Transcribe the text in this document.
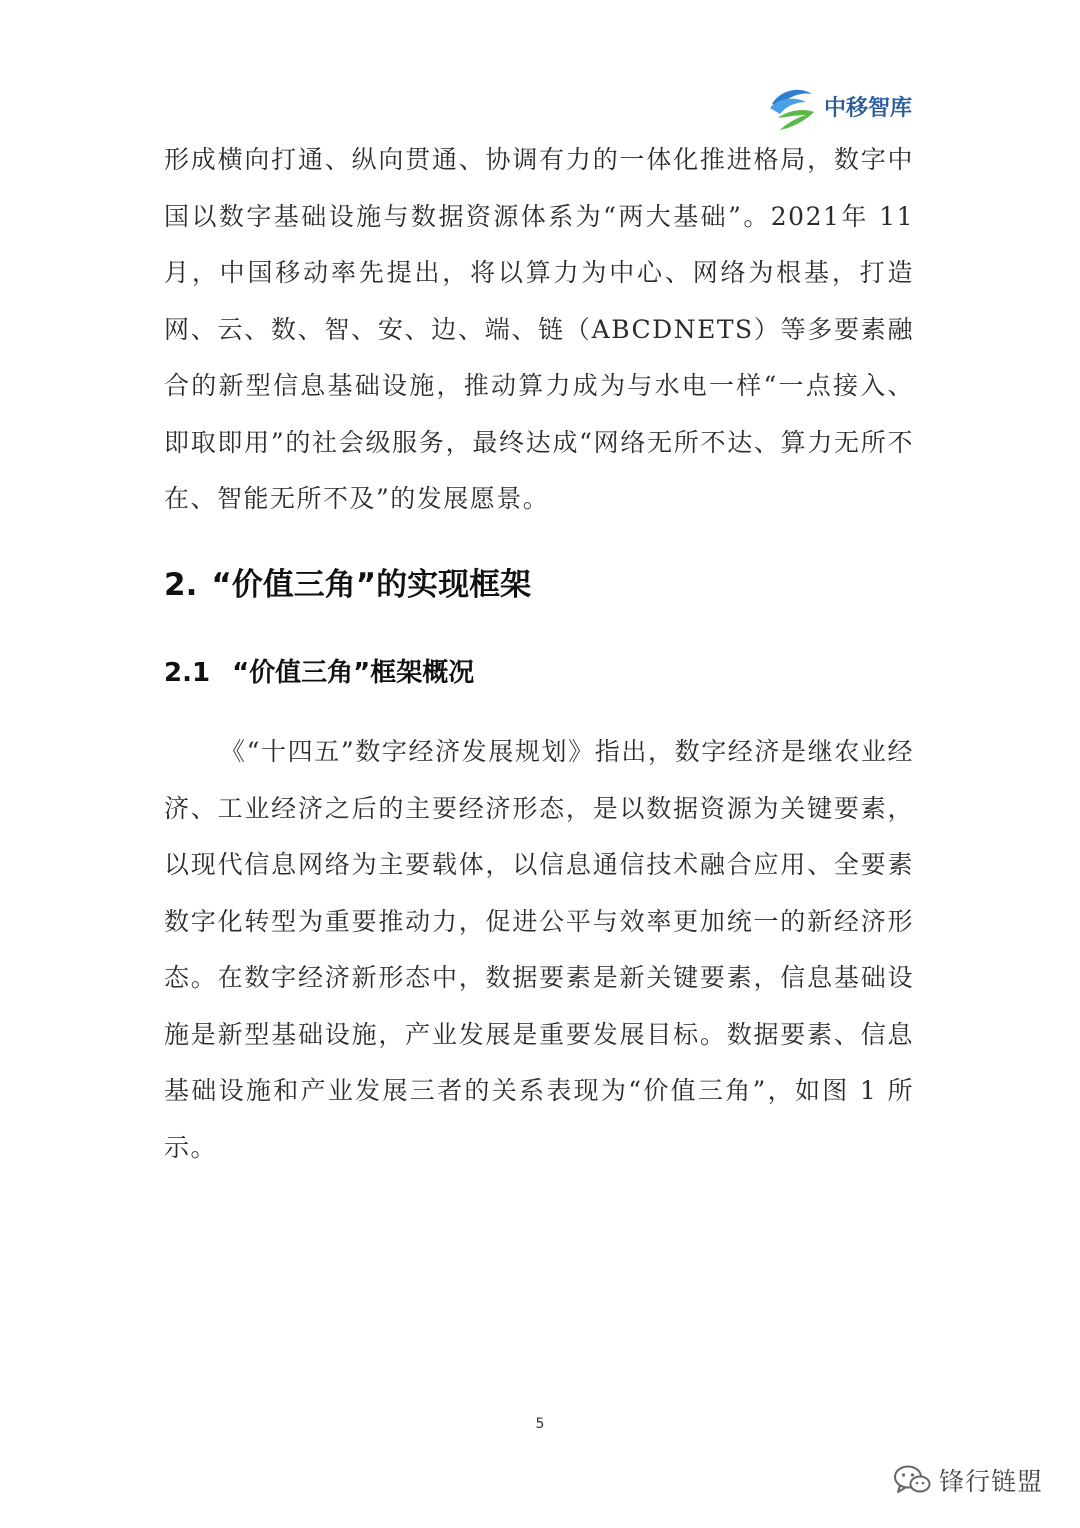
中移智库

形成横向打通、纵向贯通、协调有力的一体化推进格局，数字中国以数字基础设施与数据资源体系为“两大基础”。2021年 11 月，中国移动率先提出，将以算力为中心、网络为根基，打造网、云、数、智、安、边、端、链（ABCDNETS）等多要素融合的新型信息基础设施，推动算力成为与水电一样“一点接入、即取即用”的社会级服务，最终达成“网络无所不达、算力无所不在、智能无所不及”的发展愿景。

2. “价值三角”的实现框架
2.1 “价值三角”框架概况

《“十四五”数字经济发展规划》指出，数字经济是继农业经济、工业经济之后的主要经济形态，是以数据资源为关键要素，以现代信息网络为主要载体，以信息通信技术融合应用、全要素数字化转型为重要推动力，促进公平与效率更加统一的新经济形态。在数字经济新形态中，数据要素是新关键要素，信息基础设施是新型基础设施，产业发展是重要发展目标。数据要素、信息基础设施和产业发展三者的关系表现为“价值三角”，如图 1 所示。

5
锋行链盟
